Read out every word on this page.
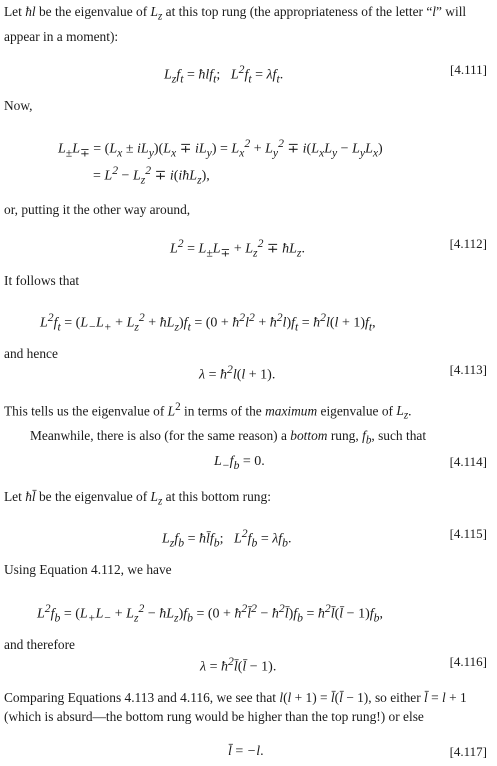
Let ħl be the eigenvalue of $L_z$ at this top rung (the appropriateness of the letter “l” will appear in a moment):

$L_zf_t$ = ħlf$_t$;   $L^2f_t = \lambda f_t$.	[4.111]

Now,

$L_\pm L_\mp = (L_x \pm iL_y)(L_x \mp iL_y) = L_x^2 + L_y^2 \mp i(L_xL_y - L_yL_x)$
= $L^2 - L_z^2$ ∓ i(iħL$_z$),

or, putting it the other way around,

$L^2 = L_\pm L_\mp + L_z^2$ ∓ $ħL_z$.	[4.112]

It follows that

$L^2f_t = (L_-L_+ + L_z^2$ + $ħL_z)f_t = (0$ + $ħ^2l^2$ + $ħ^2l)f_t$ = $ħ^2l(l + 1)f_t$,

and hence

$\lambda = ħ^2l(l + 1)$.	[4.113]

This tells us the eigenvalue of $L^2$ in terms of the maximum eigenvalue of $L_z$.
Meanwhile, there is also (for the same reason) a bottom rung, $f_b$, such that

$L_-f_b = 0$.	[4.114]

Let ħl̄ be the eigenvalue of $L_z$ at this bottom rung:

$L_zf_b$ = $ħl̄f_b$;   $L^2f_b = \lambda f_b$.	[4.115]

Using Equation 4.112, we have

$L^2f_b = (L_+L_- + L_z^2$ − $ħL_z)f_b = (0$ + $ħ^2l̄^2$ − $ħ^2l̄)f_b$ = $ħ^2l̄(l̄ - 1)f_b$,

and therefore

$\lambda = ħ^2l̄(l̄ - 1)$.	[4.116]

Comparing Equations 4.113 and 4.116, we see that l(l + 1) = l̄(l̄ − 1), so either l̄ = l + 1 (which is absurd—the bottom rung would be higher than the top rung!) or else

l̄ = −l.	[4.117]
